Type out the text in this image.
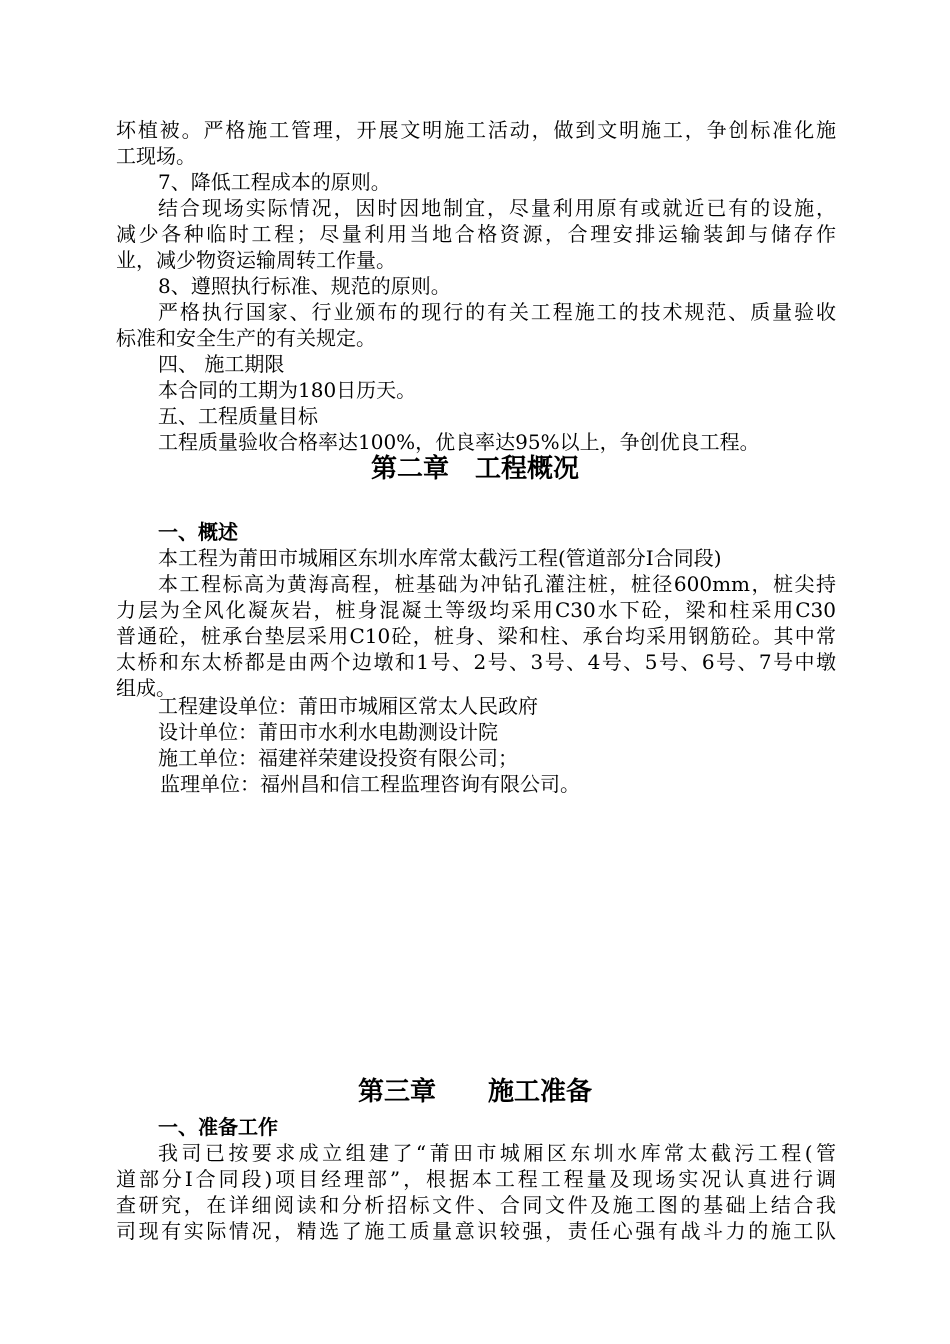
坏植被。严格施工管理，开展文明施工活动，做到文明施工，争创标准化施
工现场。
7、降低工程成本的原则。
结合现场实际情况，因时因地制宜，尽量利用原有或就近已有的设施，
减少各种临时工程；尽量利用当地合格资源，合理安排运输装卸与储存作
业，减少物资运输周转工作量。
8、遵照执行标准、规范的原则。
严格执行国家、行业颁布的现行的有关工程施工的技术规范、质量验收
标准和安全生产的有关规定。
四、 施工期限
本合同的工期为180日历天。
五、工程质量目标
工程质量验收合格率达100%，优良率达95%以上，争创优良工程。
第二章　工程概况
一、概述
本工程为莆田市城厢区东圳水库常太截污工程(管道部分Ⅰ合同段)
本工程标高为黄海高程，桩基础为冲钻孔灌注桩，桩径600mm，桩尖持
力层为全风化凝灰岩，桩身混凝土等级均采用C30水下砼，梁和柱采用C30
普通砼，桩承台垫层采用C10砼，桩身、梁和柱、承台均采用钢筋砼。其中常
太桥和东太桥都是由两个边墩和1号、2号、3号、4号、5号、6号、7号中墩
组成。
工程建设单位：莆田市城厢区常太人民政府
设计单位：莆田市水利水电勘测设计院
施工单位：福建祥荣建设投资有限公司；
监理单位：福州昌和信工程监理咨询有限公司。
第三章　　施工准备
一、准备工作
我司已按要求成立组建了“莆田市城厢区东圳水库常太截污工程(管
道部分Ⅰ合同段)项目经理部”，根据本工程工程量及现场实况认真进行调
查研究，在详细阅读和分析招标文件、合同文件及施工图的基础上结合我
司现有实际情况，精选了施工质量意识较强，责任心强有战斗力的施工队
